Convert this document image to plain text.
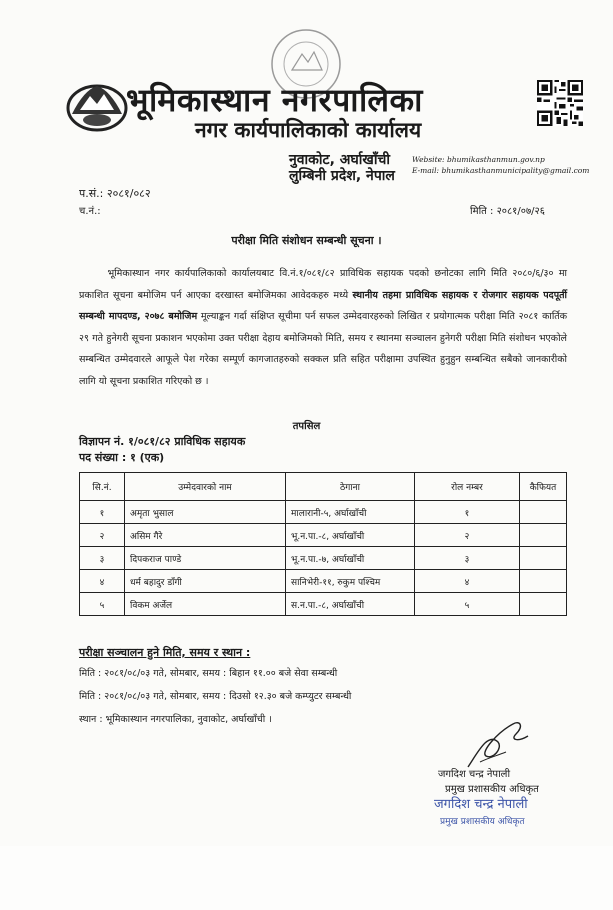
भूमिकास्थान नगरपालिका
नगर कार्यपालिकाको कार्यालय
नुवाकोट, अर्घाखाँची
लुम्बिनी प्रदेश, नेपाल
Website: bhumikasthanmun.gov.np
E-mail: bhumikasthanmunicipality@gmail.com
प.सं.: २०८१/०८२
च.नं.:	मिति : २०८१/०७/२६
परीक्षा मिति संशोधन सम्बन्धी सूचना ।
   भूमिकास्थान नगर कार्यपालिकाको कार्यालयबाट वि.नं.१/०८१/८२ प्राविधिक सहायक पदको छनोटका लागि मिति २०८०/६/३० मा प्रकाशित सूचना बमोजिम पर्न आएका दरखास्त बमोजिमका आवेदकहरु मध्ये स्थानीय तहमा प्राविधिक सहायक र रोजगार सहायक पदपूर्ती सम्बन्धी मापदण्ड, २०७८ बमोजिम मूल्याङ्कन गर्दा संक्षिप्त सूचीमा पर्न सफल उम्मेदवारहरुको लिखित र प्रयोगात्मक परीक्षा मिति २०८१ कार्तिक २९ गते हुनेगरी सूचना प्रकाशन भएकोमा उक्त परीक्षा देहाय बमोजिमको मिति, समय र स्थानमा सञ्चालन हुनेगरी परीक्षा मिति संशोधन भएकोले सम्बन्धित उम्मेदवारले आफूले पेश गरेका सम्पूर्ण कागजातहरुको सक्कल प्रति सहित परीक्षामा उपस्थित हुनुहुन सम्बन्धित सबैको जानकारीको लागि यो सूचना प्रकाशित गरिएको छ ।
तपसिल
विज्ञापन नं. १/०८१/८२ प्राविधिक सहायक
पद संख्या : १ (एक)
सि.नं.	उम्मेदवारको नाम	ठेगाना	रोल नम्बर	कैफियत
१	अमृता भुसाल	मालारानी-५, अर्घाखाँची	१	
२	असिम गैरे	भू.न.पा.-८, अर्घाखाँची	२	
३	दिपकराज पाण्डे	भू.न.पा.-७, अर्घाखाँची	३	
४	धर्म बहादुर डाँगी	सानिभेरी-११, रुकुम पश्चिम	४	
५	विकम अर्जेल	स.न.पा.-८, अर्घाखाँची	५	
परीक्षा सञ्चालन हुने मिति, समय र स्थान :
मिति : २०८१/०८/०३ गते, सोमबार, समय : बिहान ११.०० बजे सेवा सम्बन्धी
मिति : २०८१/०८/०३ गते, सोमबार, समय : दिउसो १२.३० बजे कम्प्युटर सम्बन्धी
स्थान : भूमिकास्थान नगरपालिका, नुवाकोट, अर्घाखाँची ।
जगदिश चन्द्र नेपाली
प्रमुख प्रशासकीय अधिकृत
जगदिश चन्द्र नेपाली
प्रमुख प्रशासकीय अधिकृत
